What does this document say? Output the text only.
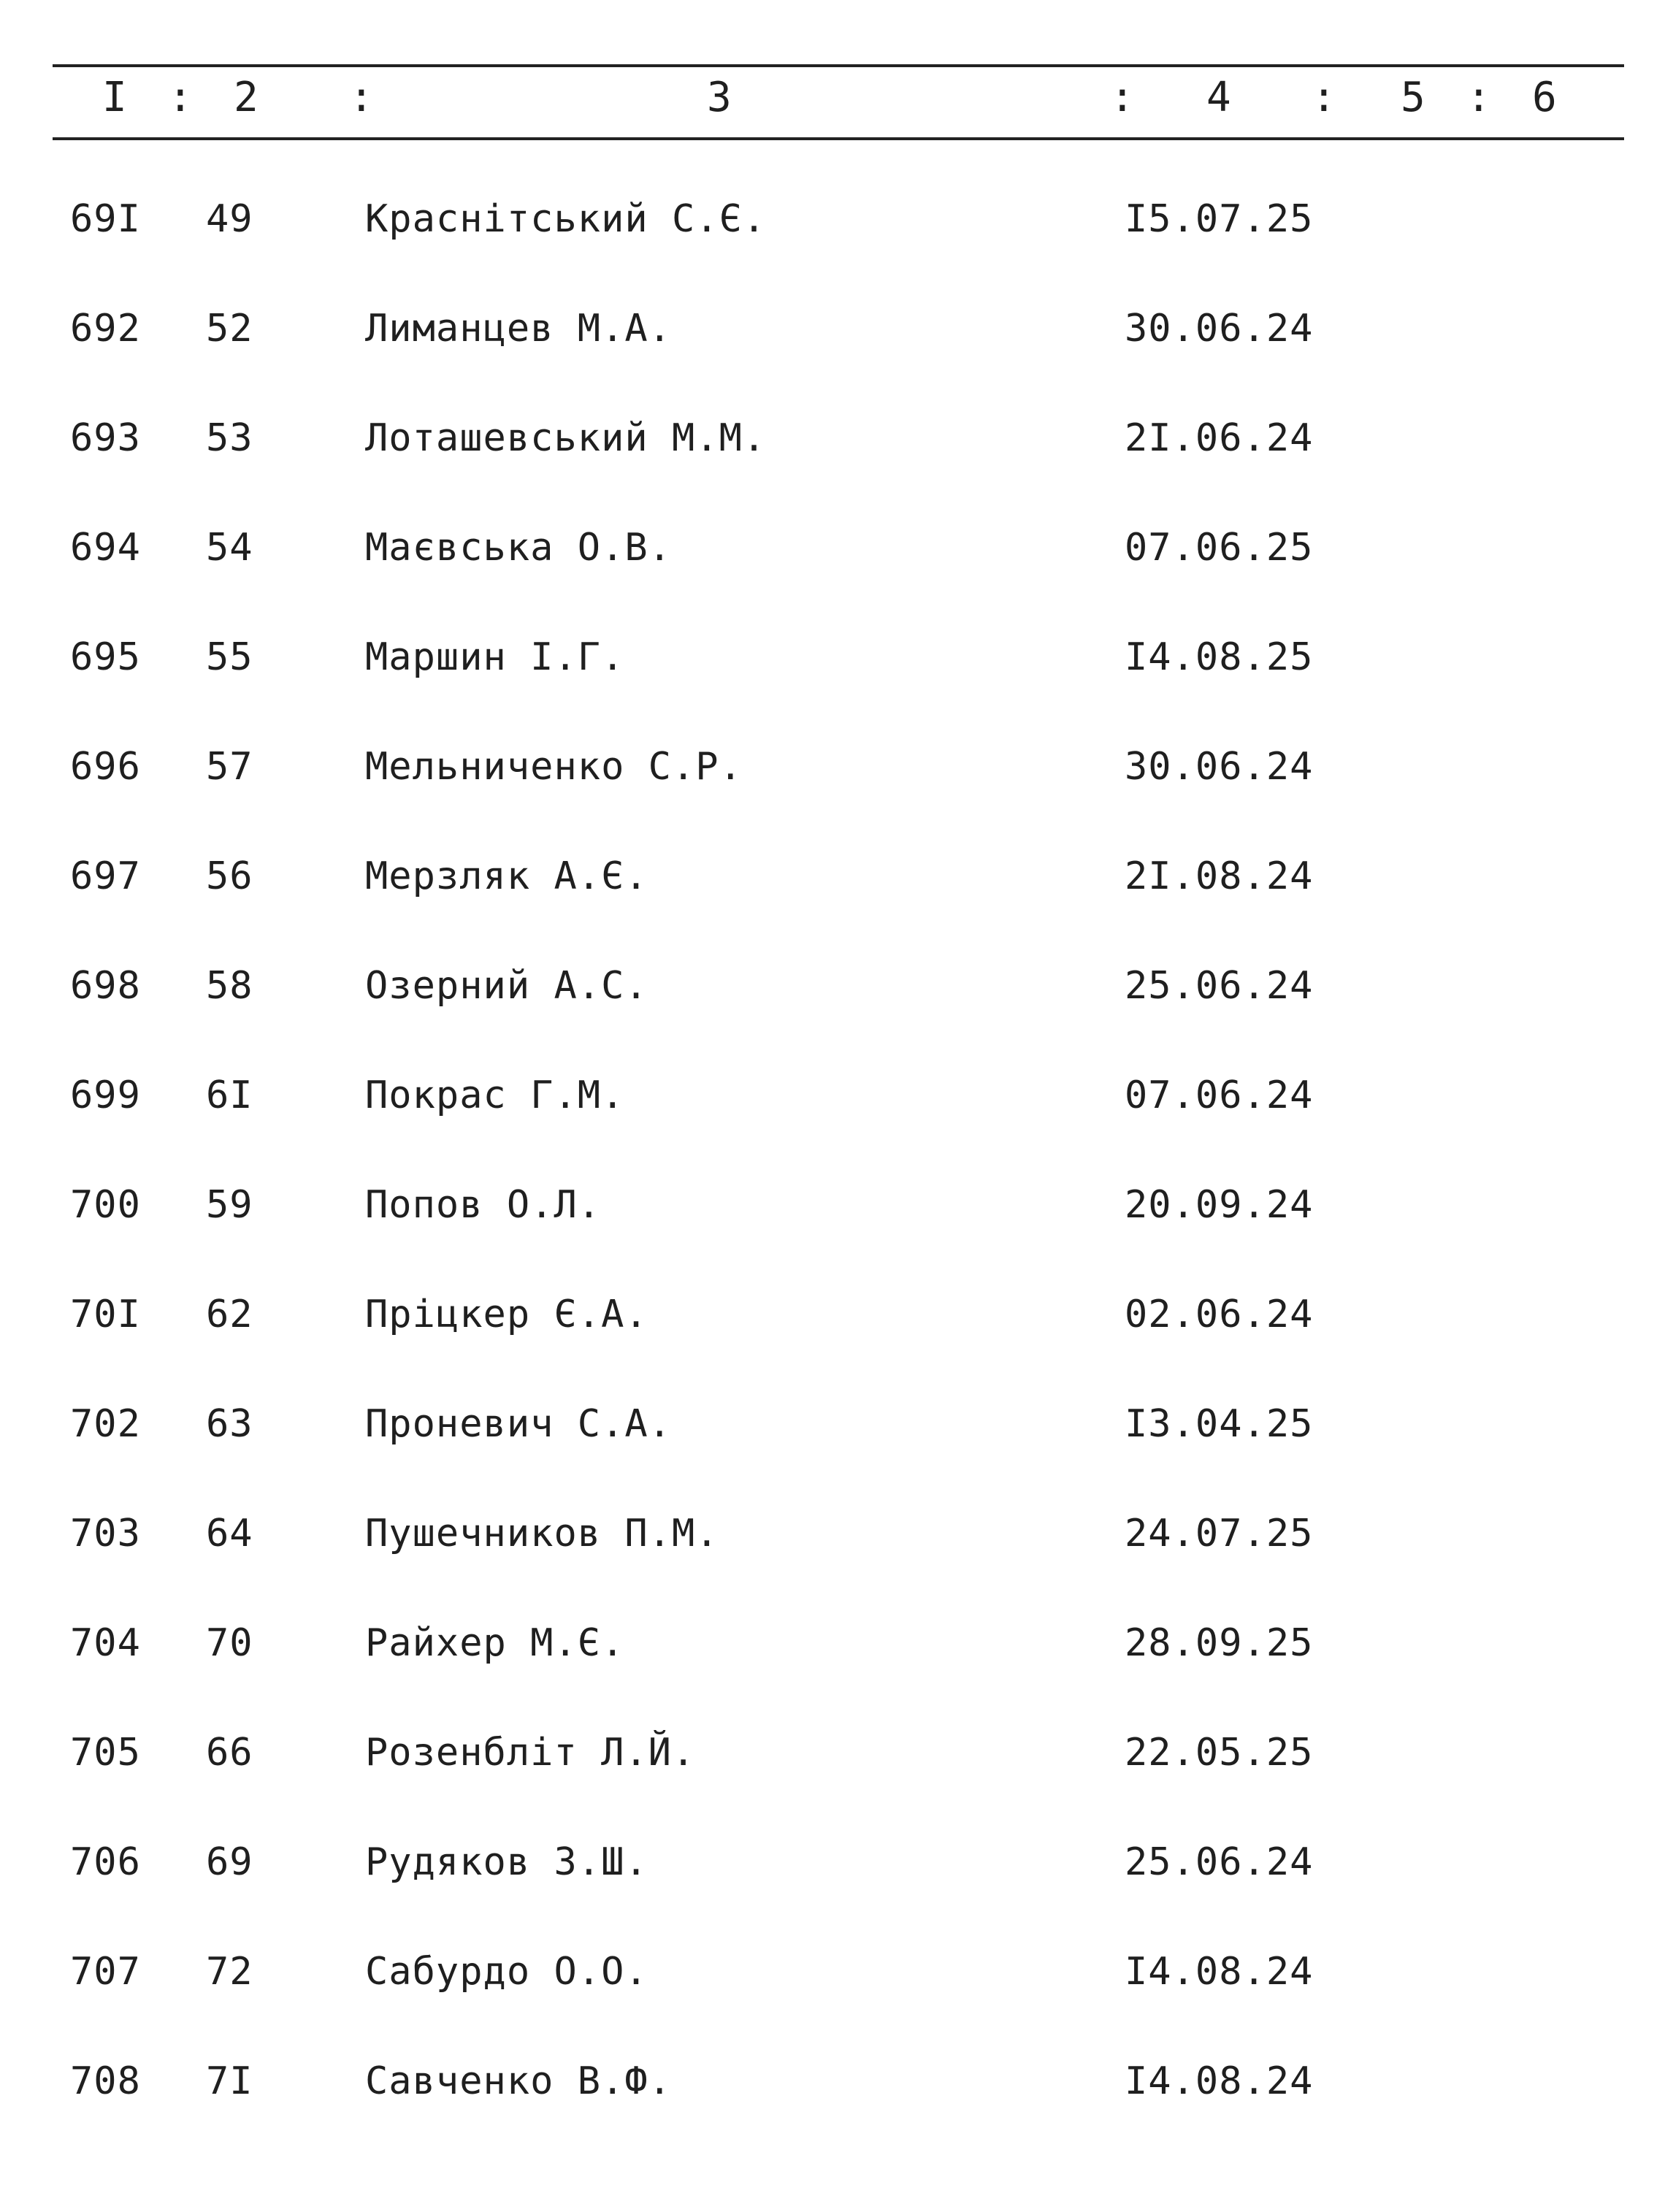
I : 2 :	3	: 4 : 5 : 6
69I 49	Краснітський С.Є.	I5.07.25
692 52	Лиманцев М.А.	30.06.24
693 53	Лоташевський М.М.	2I.06.24
694 54	Маєвська О.В.	07.06.25
695 55	Маршин І.Г.	I4.08.25
696 57	Мельниченко С.Р.	30.06.24
697 56	Мерзляк А.Є.	2I.08.24
698 58	Озерний А.С.	25.06.24
699 6I	Покрас Г.М.	07.06.24
700 59	Попов О.Л.	20.09.24
70I 62	Пріцкер Є.А.	02.06.24
702 63	Проневич С.А.	I3.04.25
703 64	Пушечников П.М.	24.07.25
704 70	Райхер М.Є.	28.09.25
705 66	Розенбліт Л.Й.	22.05.25
706 69	Рудяков З.Ш.	25.06.24
707 72	Сабурдо О.О.	I4.08.24
708 7I	Савченко В.Ф.	I4.08.24
